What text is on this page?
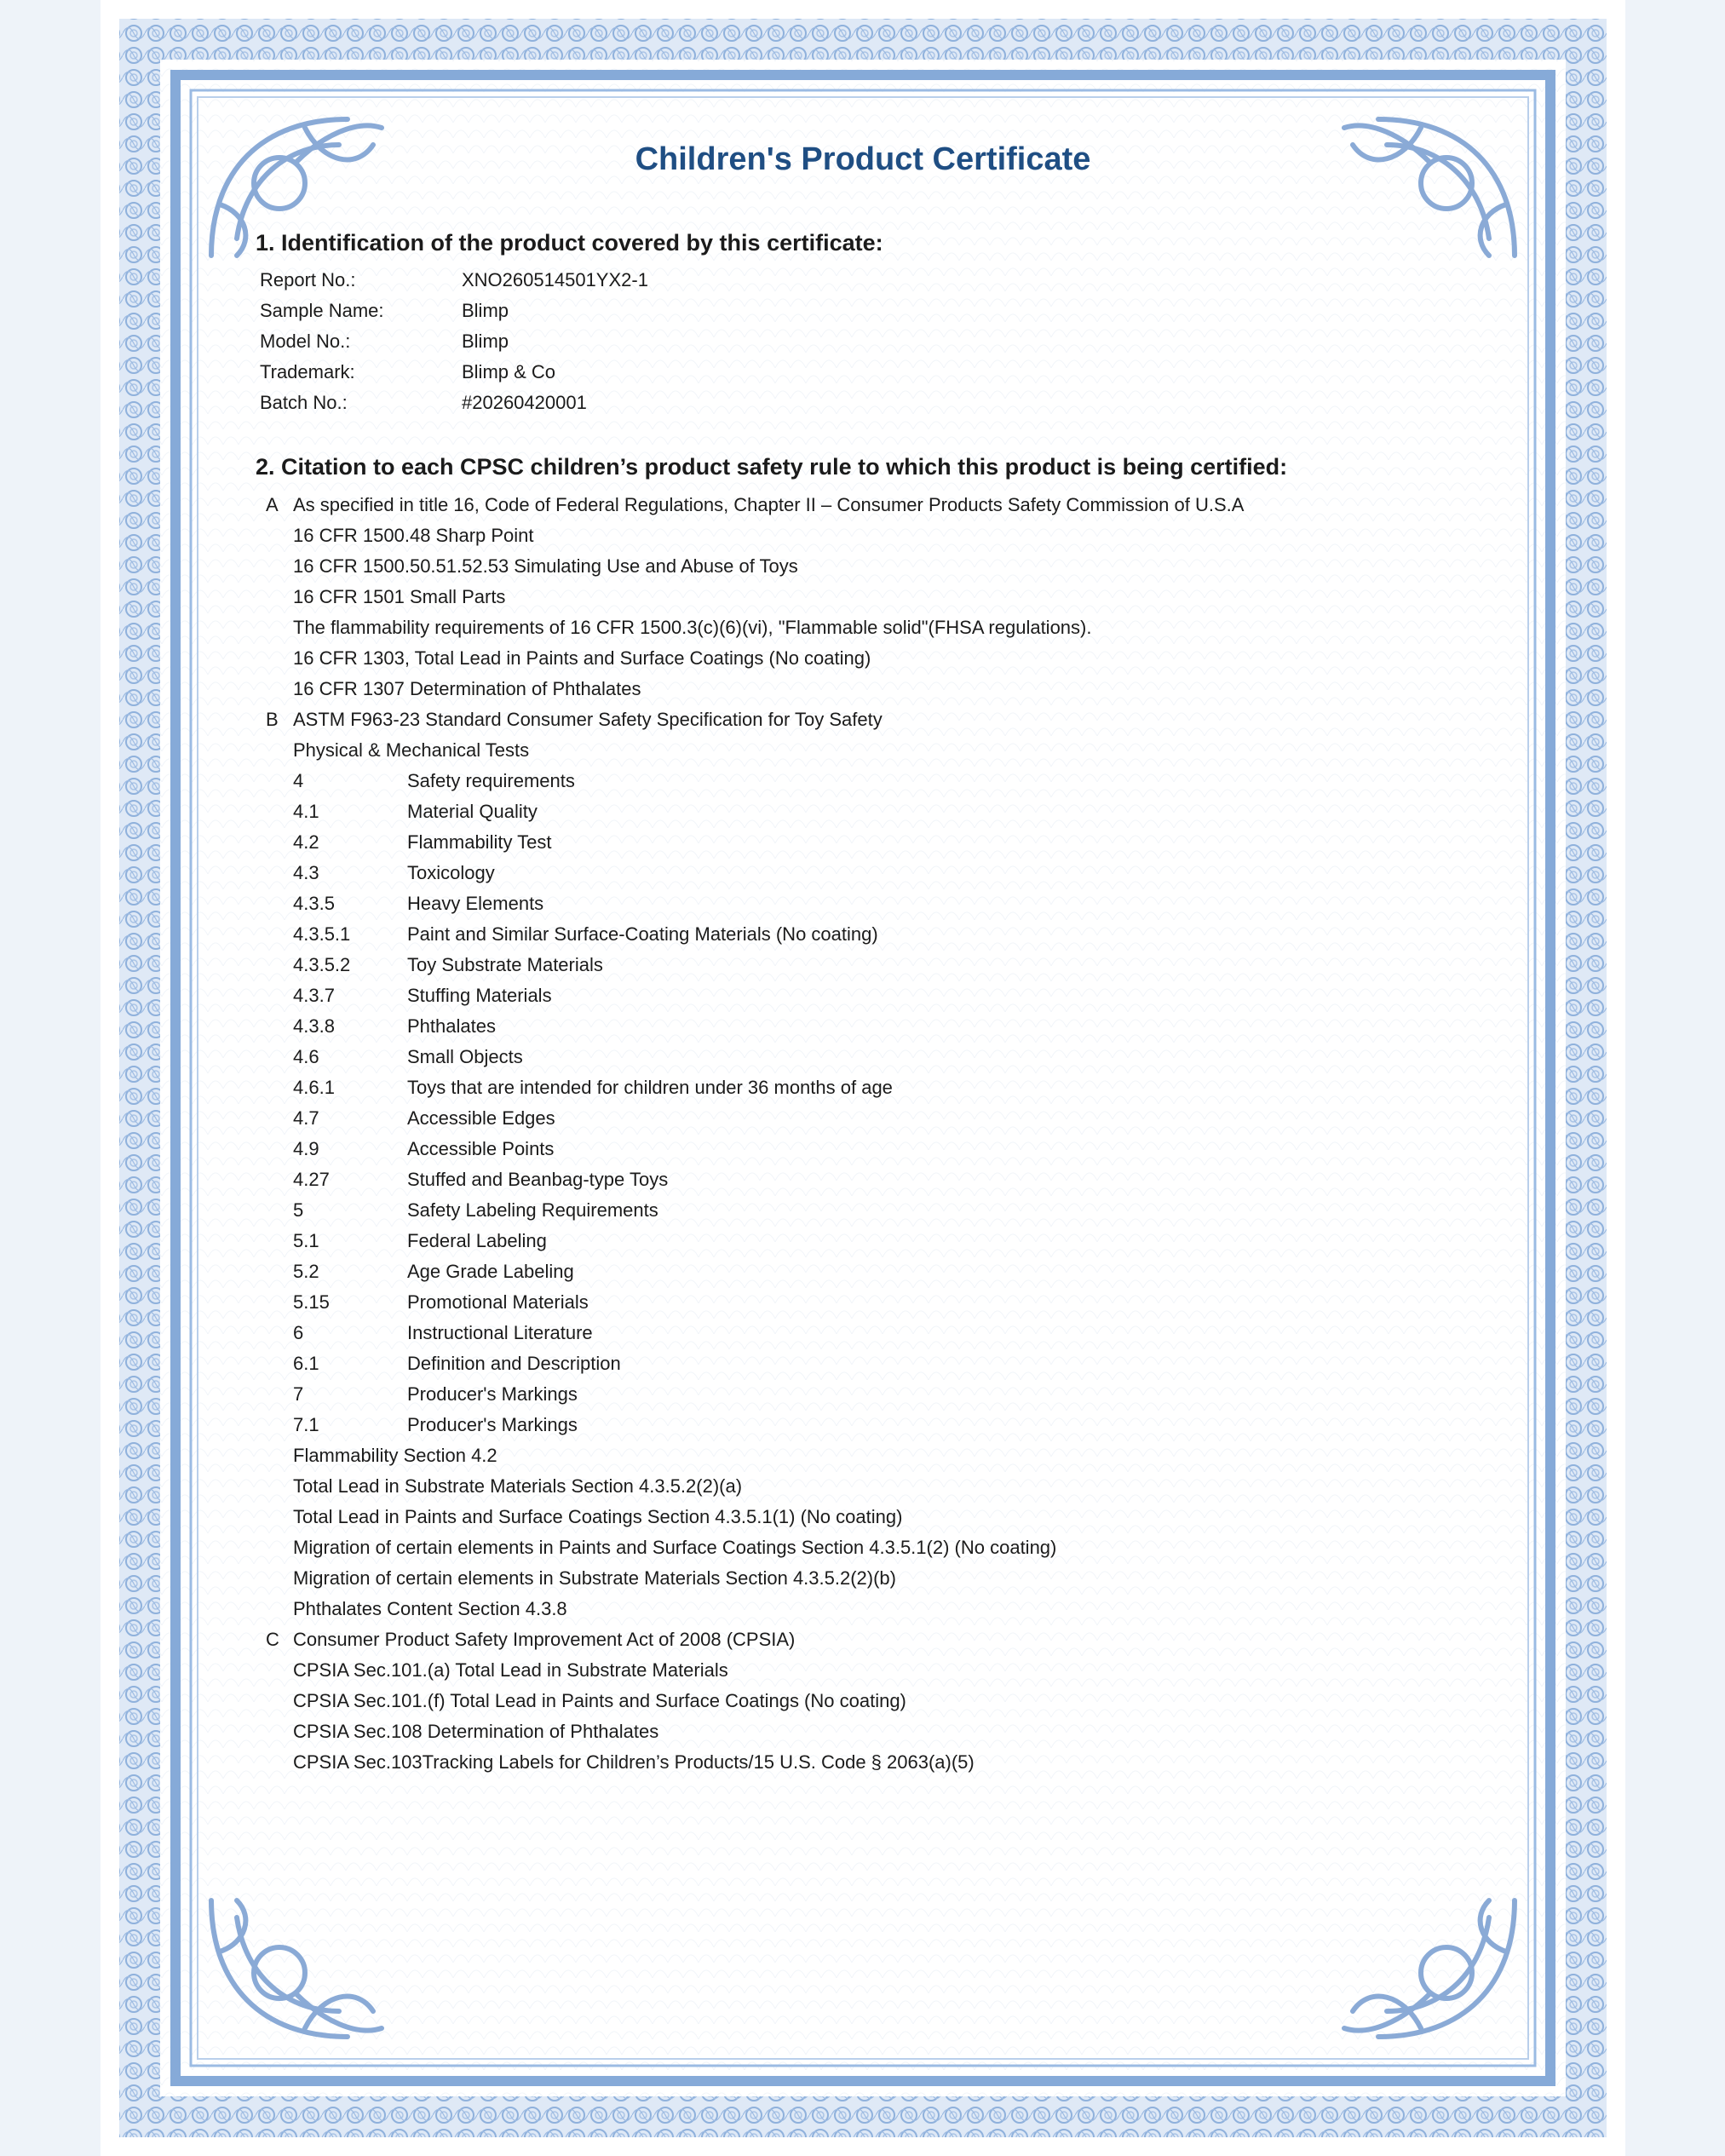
Children's Product Certificate
1. Identification of the product covered by this certificate:
Report No.:	XNO260514501YX2-1
Sample Name:	Blimp
Model No.:	Blimp
Trademark:	Blimp & Co
Batch No.:	#20260420001
2. Citation to each CPSC children’s product safety rule to which this product is being certified:
A As specified in title 16, Code of Federal Regulations, Chapter II – Consumer Products Safety Commission of U.S.A
16 CFR 1500.48 Sharp Point
16 CFR 1500.50.51.52.53 Simulating Use and Abuse of Toys
16 CFR 1501 Small Parts
The flammability requirements of 16 CFR 1500.3(c)(6)(vi), "Flammable solid"(FHSA regulations).
16 CFR 1303, Total Lead in Paints and Surface Coatings (No coating)
16 CFR 1307 Determination of Phthalates
B ASTM F963-23 Standard Consumer Safety Specification for Toy Safety
Physical & Mechanical Tests
4	Safety requirements
4.1	Material Quality
4.2	Flammability Test
4.3	Toxicology
4.3.5	Heavy Elements
4.3.5.1	Paint and Similar Surface-Coating Materials (No coating)
4.3.5.2	Toy Substrate Materials
4.3.7	Stuffing Materials
4.3.8	Phthalates
4.6	Small Objects
4.6.1	Toys that are intended for children under 36 months of age
4.7	Accessible Edges
4.9	Accessible Points
4.27	Stuffed and Beanbag-type Toys
5	Safety Labeling Requirements
5.1	Federal Labeling
5.2	Age Grade Labeling
5.15	Promotional Materials
6	Instructional Literature
6.1	Definition and Description
7	Producer's Markings
7.1	Producer's Markings
Flammability Section 4.2
Total Lead in Substrate Materials Section 4.3.5.2(2)(a)
Total Lead in Paints and Surface Coatings Section 4.3.5.1(1) (No coating)
Migration of certain elements in Paints and Surface Coatings Section 4.3.5.1(2) (No coating)
Migration of certain elements in Substrate Materials Section 4.3.5.2(2)(b)
Phthalates Content Section 4.3.8
C Consumer Product Safety Improvement Act of 2008 (CPSIA)
CPSIA Sec.101.(a) Total Lead in Substrate Materials
CPSIA Sec.101.(f) Total Lead in Paints and Surface Coatings (No coating)
CPSIA Sec.108 Determination of Phthalates
CPSIA Sec.103Tracking Labels for Children’s Products/15 U.S. Code § 2063(a)(5)
